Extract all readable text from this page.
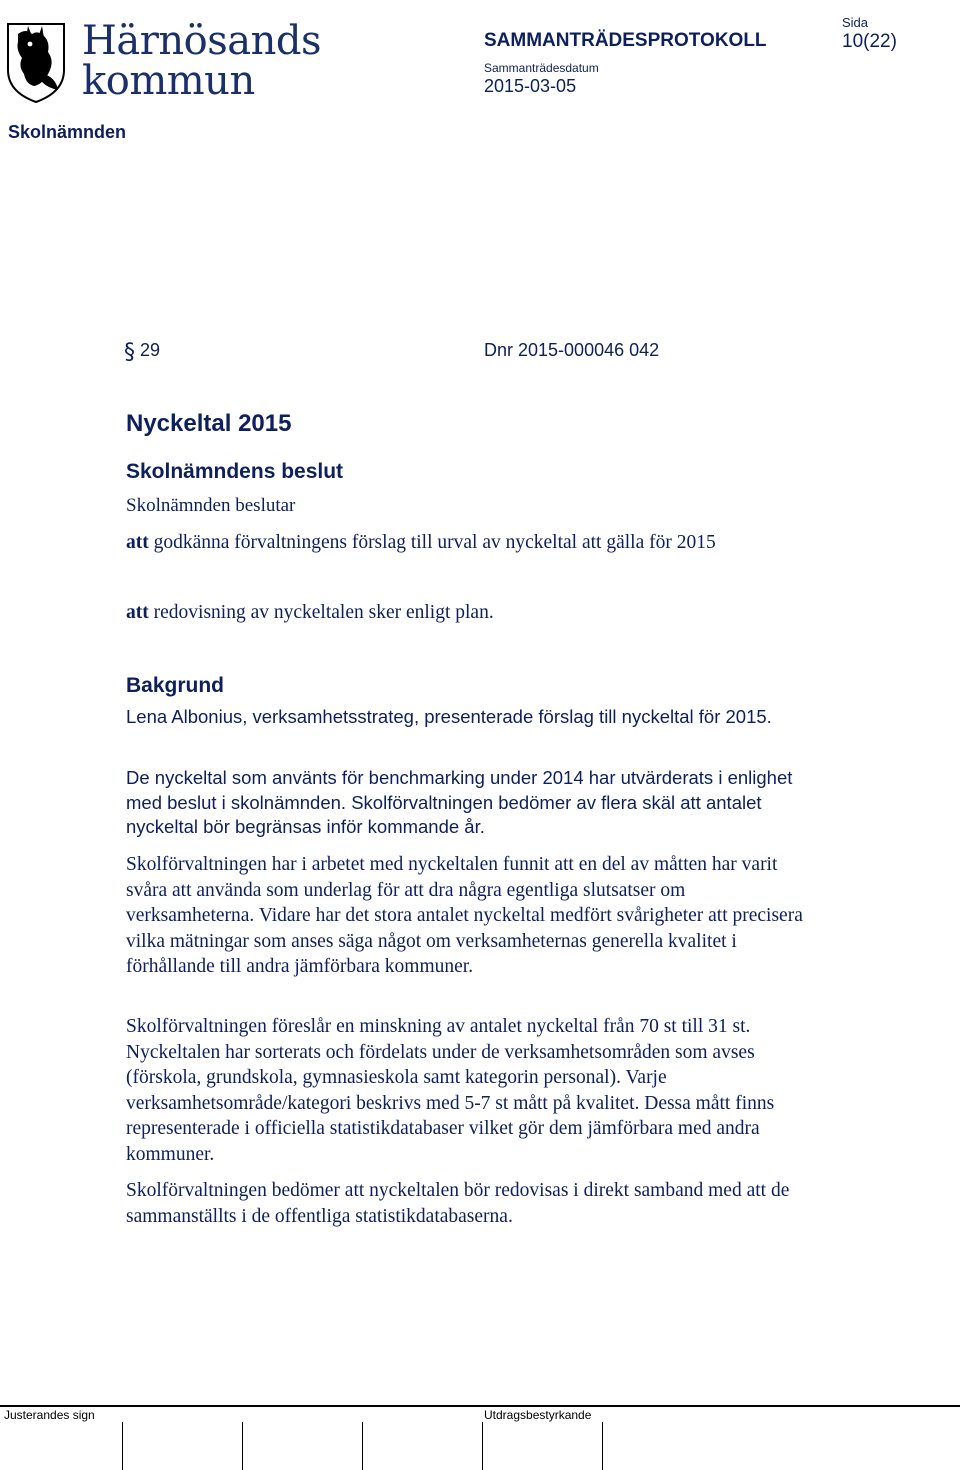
Härnösands
kommun
SAMMANTRÄDESPROTOKOLL
Sida
10(22)
Sammanträdesdatum
2015-03-05
Skolnämnden
§ 29	Dnr 2015-000046 042
Nyckeltal 2015
Skolnämndens beslut
Skolnämnden beslutar
att godkänna förvaltningens förslag till urval av nyckeltal att gälla för 2015
att redovisning av nyckeltalen sker enligt plan.
Bakgrund
Lena Albonius, verksamhetsstrateg, presenterade förslag till nyckeltal för 2015.
De nyckeltal som använts för benchmarking under 2014 har utvärderats i enlighet med beslut i skolnämnden. Skolförvaltningen bedömer av flera skäl att antalet nyckeltal bör begränsas inför kommande år.
Skolförvaltningen har i arbetet med nyckeltalen funnit att en del av måtten har varit svåra att använda som underlag för att dra några egentliga slutsatser om verksamheterna. Vidare har det stora antalet nyckeltal medfört svårigheter att precisera vilka mätningar som anses säga något om verksamheternas generella kvalitet i förhållande till andra jämförbara kommuner.
Skolförvaltningen föreslår en minskning av antalet nyckeltal från 70 st till 31 st. Nyckeltalen har sorterats och fördelats under de verksamhetsområden som avses (förskola, grundskola, gymnasieskola samt kategorin personal). Varje verksamhetsområde/kategori beskrivs med 5-7 st mått på kvalitet. Dessa mått finns representerade i officiella statistikdatabaser vilket gör dem jämförbara med andra kommuner.
Skolförvaltningen bedömer att nyckeltalen bör redovisas i direkt samband med att de sammanställts i de offentliga statistikdatabaserna.
Justerandes sign	Utdragsbestyrkande
